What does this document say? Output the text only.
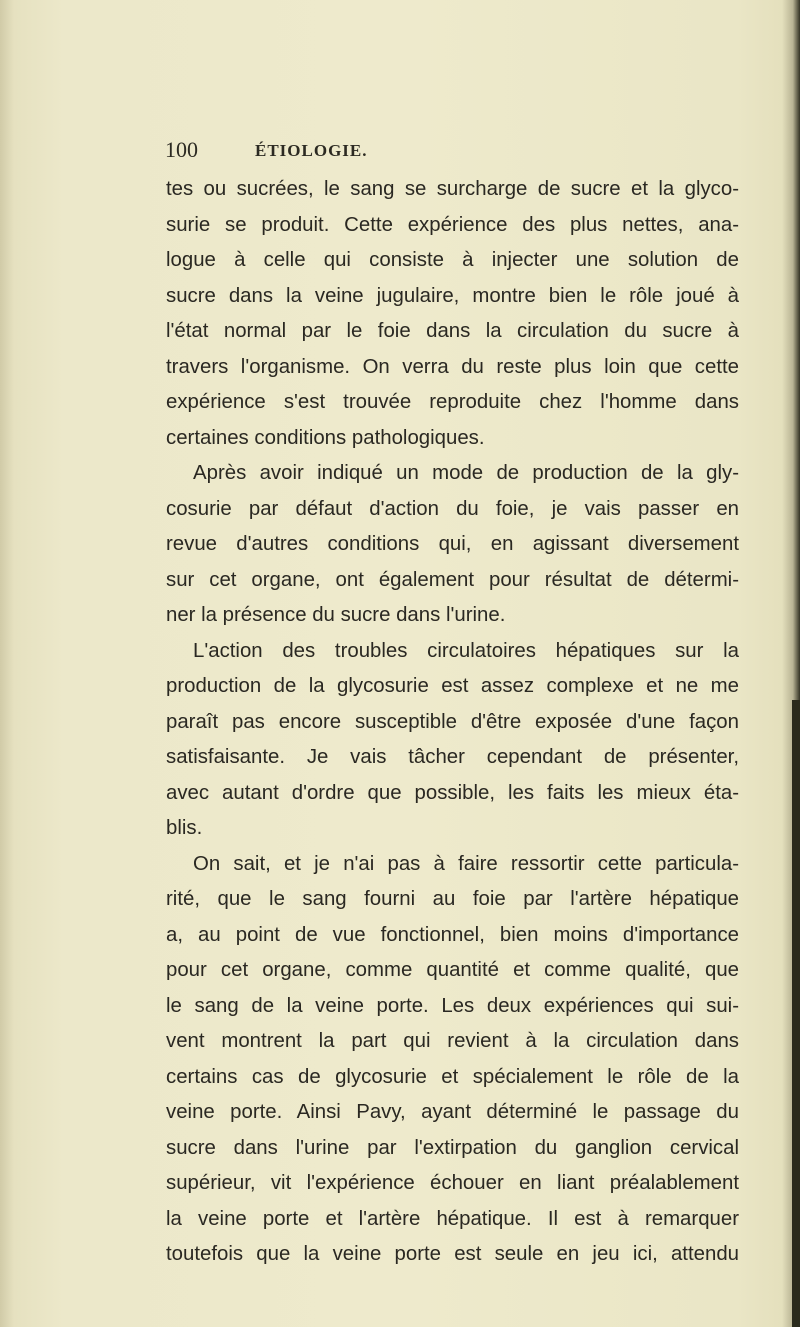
100	ÉTIOLOGIE.
tes ou sucrées, le sang se surcharge de sucre et la glyco-
surie se produit. Cette expérience des plus nettes, ana-
logue à celle qui consiste à injecter une solution de
sucre dans la veine jugulaire, montre bien le rôle joué à
l'état normal par le foie dans la circulation du sucre à
travers l'organisme. On verra du reste plus loin que cette
expérience s'est trouvée reproduite chez l'homme dans
certaines conditions pathologiques.
Après avoir indiqué un mode de production de la gly-
cosurie par défaut d'action du foie, je vais passer en
revue d'autres conditions qui, en agissant diversement
sur cet organe, ont également pour résultat de détermi-
ner la présence du sucre dans l'urine.
L'action des troubles circulatoires hépatiques sur la
production de la glycosurie est assez complexe et ne me
paraît pas encore susceptible d'être exposée d'une façon
satisfaisante. Je vais tâcher cependant de présenter,
avec autant d'ordre que possible, les faits les mieux éta-
blis.
On sait, et je n'ai pas à faire ressortir cette particula-
rité, que le sang fourni au foie par l'artère hépatique
a, au point de vue fonctionnel, bien moins d'importance
pour cet organe, comme quantité et comme qualité, que
le sang de la veine porte. Les deux expériences qui sui-
vent montrent la part qui revient à la circulation dans
certains cas de glycosurie et spécialement le rôle de la
veine porte. Ainsi Pavy, ayant déterminé le passage du
sucre dans l'urine par l'extirpation du ganglion cervical
supérieur, vit l'expérience échouer en liant préalablement
la veine porte et l'artère hépatique. Il est à remarquer
toutefois que la veine porte est seule en jeu ici, attendu
